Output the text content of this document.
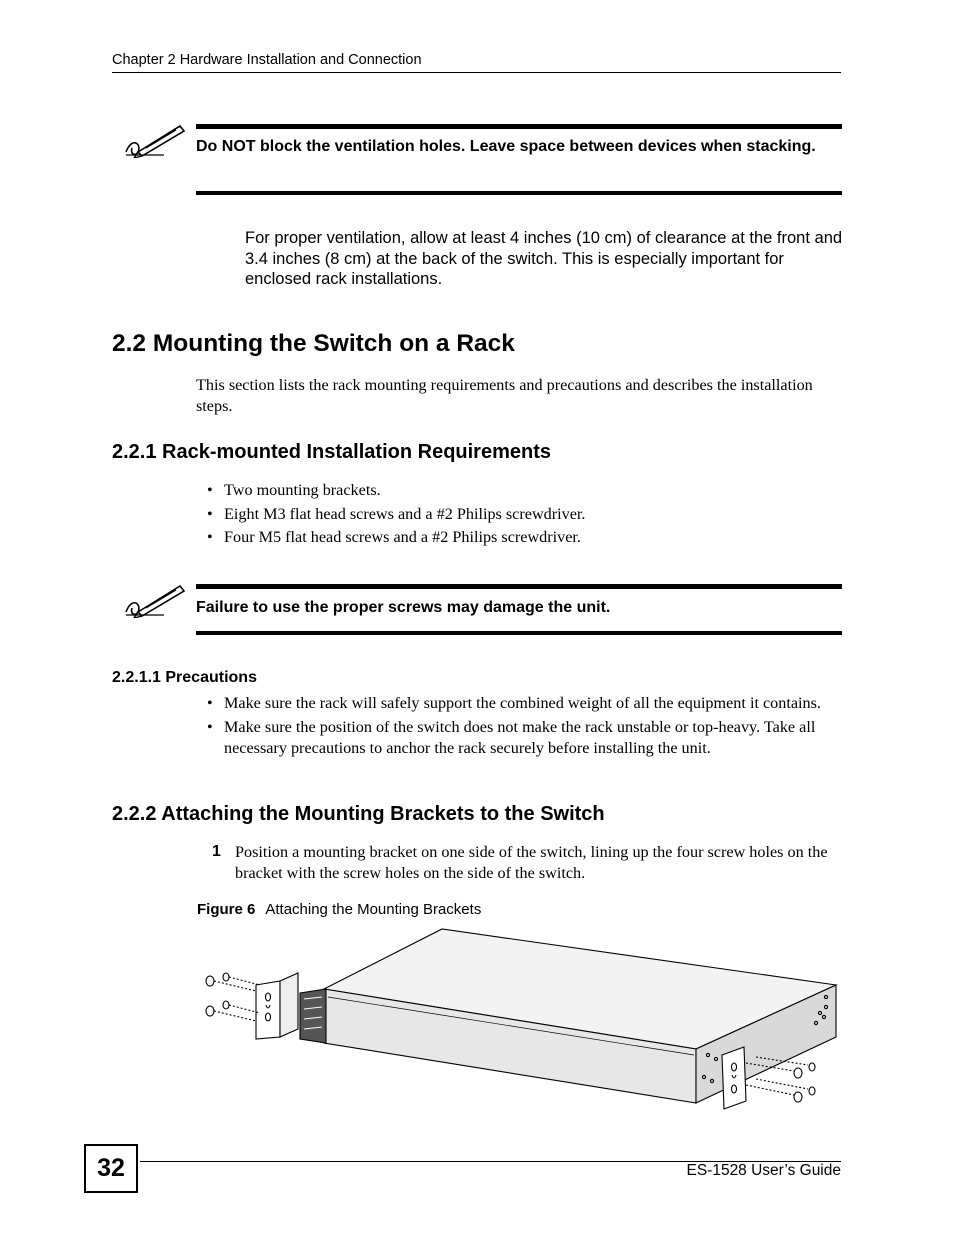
Chapter 2 Hardware Installation and Connection
Do NOT block the ventilation holes. Leave space between devices when stacking.
For proper ventilation, allow at least 4 inches (10 cm) of clearance at the front and 3.4 inches (8 cm) at the back of the switch. This is especially important for enclosed rack installations.
2.2 Mounting the Switch on a Rack
This section lists the rack mounting requirements and precautions and describes the installation steps.
2.2.1 Rack-mounted Installation Requirements
• Two mounting brackets.
• Eight M3 flat head screws and a #2 Philips screwdriver.
• Four M5 flat head screws and a #2 Philips screwdriver.
Failure to use the proper screws may damage the unit.
2.2.1.1 Precautions
• Make sure the rack will safely support the combined weight of all the equipment it contains.
• Make sure the position of the switch does not make the rack unstable or top-heavy. Take all necessary precautions to anchor the rack securely before installing the unit.
2.2.2 Attaching the Mounting Brackets to the Switch
1 Position a mounting bracket on one side of the switch, lining up the four screw holes on the bracket with the screw holes on the side of the switch.
Figure 6 Attaching the Mounting Brackets
32	ES-1528 User’s Guide
